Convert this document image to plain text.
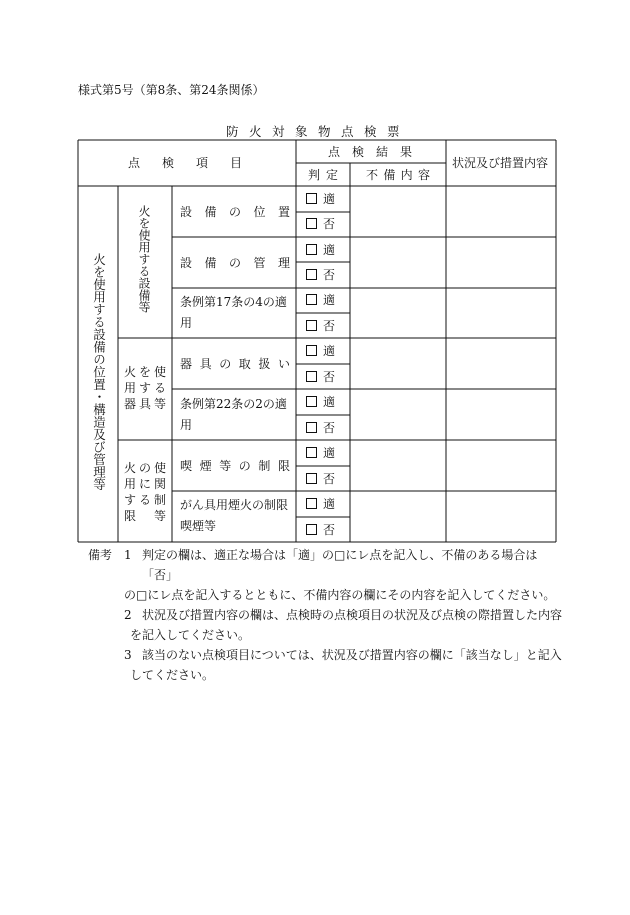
様式第5号（第8条、第24条関係）
防火対象物点検票
点 検 項 目
点 検 結 果
判 定 不 備 内 容
状況及び措置内容
火を使用する設備の位置・構造及び管理等	火を使用する設備等
火 を 使
用 す る
器 具 等
火 の 使
用 に 関
す る 制
限 等
設 備 の 位 置
設 備 の 管 理
条例第17条の4の適用
器 具 の 取 扱 い
条例第22条の2の適用
喫 煙 等 の 制 限
がん具用煙火の制限喫煙等
適
否
適
否
適
否
適
否
適
否
適
否
適
否
備考 1 判定の欄は、適正な場合は「適」の□にレ点を記入し、不備のある場合は「否」
の□にレ点を記入するとともに、不備内容の欄にその内容を記入してください。
2 状況及び措置内容の欄は、点検時の点検項目の状況及び点検の際措置した内容
を記入してください。
3 該当のない点検項目については、状況及び措置内容の欄に「該当なし」と記入
してください。
